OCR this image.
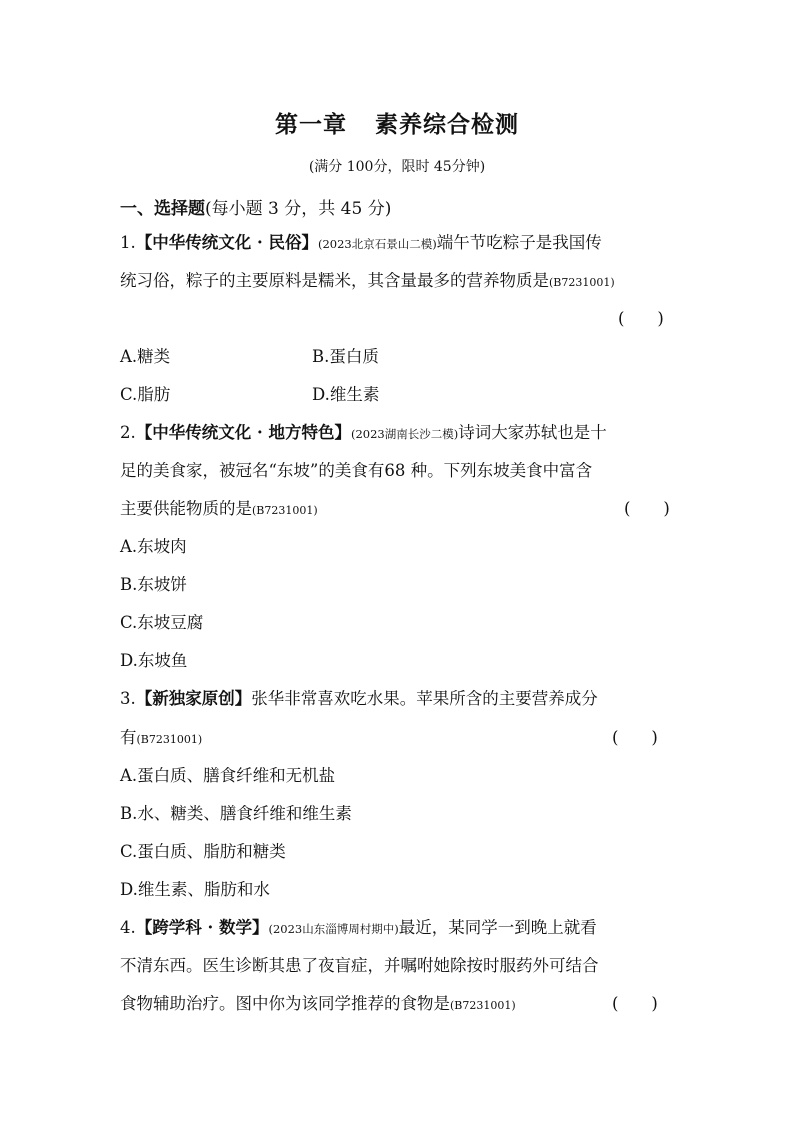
第一章 素养综合检测
(满分 100分，限时 45分钟)
一、选择题(每小题 3 分，共 45 分)
1.【中华传统文化 · 民俗】(2023北京石景山二模)端午节吃粽子是我国传
统习俗，粽子的主要原料是糯米，其含量最多的营养物质是(B7231001)
(　　)
A.糖类	B.蛋白质
C.脂肪	D.维生素
2.【中华传统文化 · 地方特色】(2023湖南长沙二模)诗词大家苏轼也是十
足的美食家，被冠名“东坡”的美食有68 种。下列东坡美食中富含
主要供能物质的是(B7231001)	(　　)
A.东坡肉
B.东坡饼
C.东坡豆腐
D.东坡鱼
3.【新独家原创】张华非常喜欢吃水果。苹果所含的主要营养成分
有(B7231001)	(　　)
A.蛋白质、膳食纤维和无机盐
B.水、糖类、膳食纤维和维生素
C.蛋白质、脂肪和糖类
D.维生素、脂肪和水
4.【跨学科 · 数学】(2023山东淄博周村期中)最近，某同学一到晚上就看
不清东西。医生诊断其患了夜盲症，并嘱咐她除按时服药外可结合
食物辅助治疗。图中你为该同学推荐的食物是(B7231001)	(　　)
